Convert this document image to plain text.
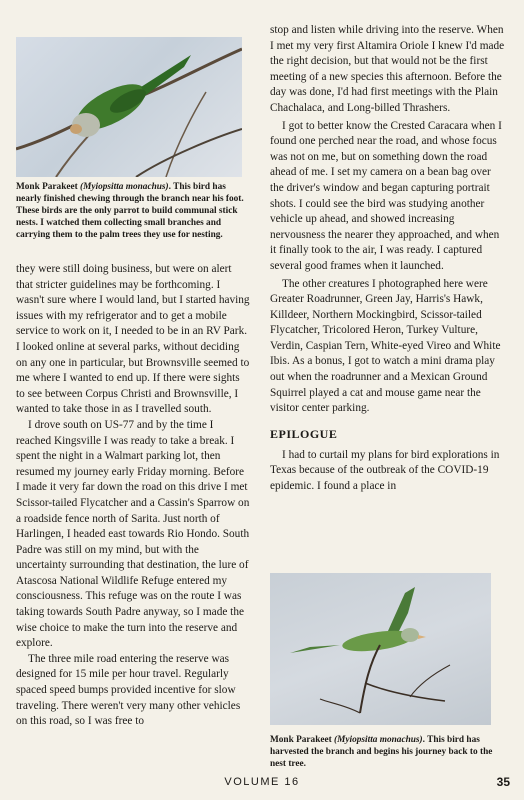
Monk Parakeet (Myiopsitta monachus). This bird has nearly finished chewing through the branch near his foot. These birds are the only parrot to build communal stick nests. I watched them collecting small branches and carrying them to the palm trees they use for nesting.

they were still doing business, but were on alert that stricter guidelines may be forthcoming. I wasn't sure where I would land, but I started having issues with my refrigerator and to get a mobile service to work on it, I needed to be in an RV Park. I looked online at several parks, without deciding on any one in particular, but Brownsville seemed to me where I wanted to end up. If there were sights to see between Corpus Christi and Brownsville, I wanted to take those in as I travelled south.

I drove south on US-77 and by the time I reached Kingsville I was ready to take a break. I spent the night in a Walmart parking lot, then resumed my journey early Friday morning. Before I made it very far down the road on this drive I met Scissor-tailed Flycatcher and a Cassin's Sparrow on a roadside fence north of Sarita. Just north of Harlingen, I headed east towards Rio Hondo. South Padre was still on my mind, but with the uncertainty surrounding that destination, the lure of Atascosa National Wildlife Refuge entered my consciousness. This refuge was on the route I was taking towards South Padre anyway, so I made the wise choice to make the turn into the reserve and explore.

The three mile road entering the reserve was designed for 15 mile per hour travel. Regularly spaced speed bumps provided incentive for slow traveling. There weren't very many other vehicles on this road, so I was free to

stop and listen while driving into the reserve. When I met my very first Altamira Oriole I knew I'd made the right decision, but that would not be the first meeting of a new species this afternoon. Before the day was done, I'd had first meetings with the Plain Chachalaca, and Long-billed Thrashers.

I got to better know the Crested Caracara when I found one perched near the road, and whose focus was not on me, but on something down the road ahead of me. I set my camera on a bean bag over the driver's window and began capturing portrait shots. I could see the bird was studying another vehicle up ahead, and showed increasing nervousness the nearer they approached, and when it finally took to the air, I was ready. I captured several good frames when it launched.

The other creatures I photographed here were Greater Roadrunner, Green Jay, Harris's Hawk, Killdeer, Northern Mockingbird, Scissor-tailed Flycatcher, Tricolored Heron, Turkey Vulture, Verdin, Caspian Tern, White-eyed Vireo and White Ibis. As a bonus, I got to watch a mini drama play out when the roadrunner and a Mexican Ground Squirrel played a cat and mouse game near the visitor center parking.

EPILOGUE

I had to curtail my plans for bird explorations in Texas because of the outbreak of the COVID-19 epidemic. I found a place in

Monk Parakeet (Myiopsitta monachus). This bird has harvested the branch and begins his journey back to the nest tree.
VOLUME 16	35
